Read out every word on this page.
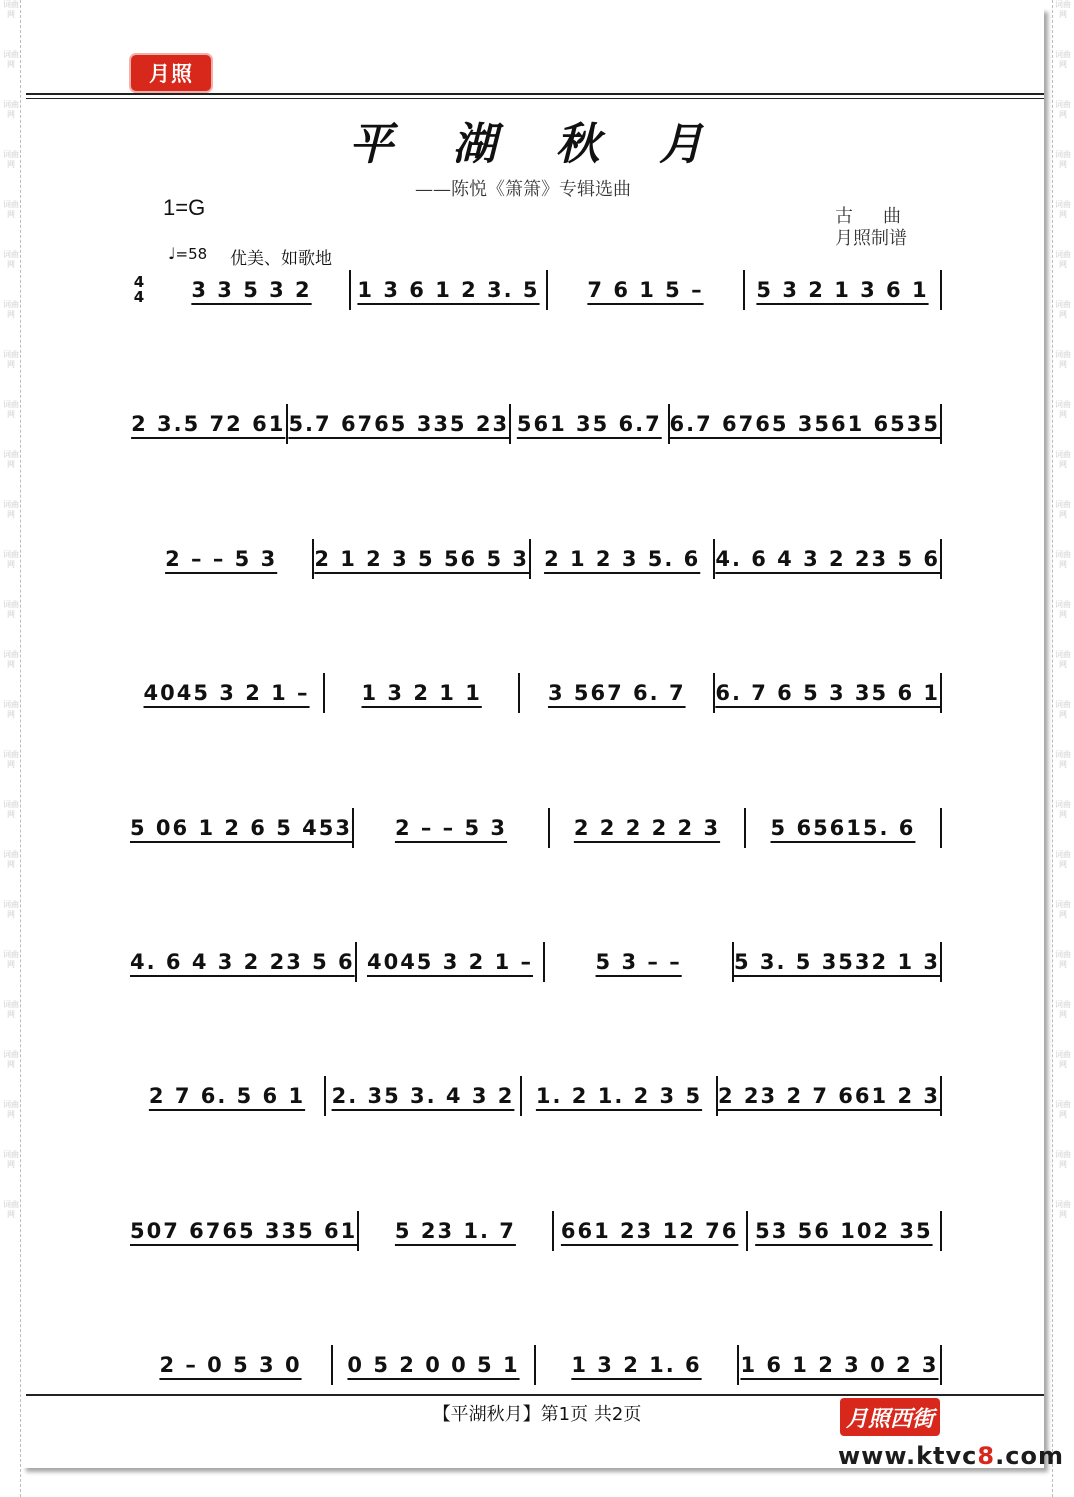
词曲网
词曲网
词曲网
词曲网
词曲网
词曲网
词曲网
词曲网
词曲网
词曲网
词曲网
词曲网
词曲网
词曲网
词曲网
词曲网
词曲网
词曲网
词曲网
词曲网
词曲网
词曲网
词曲网
词曲网
词曲网
词曲网
词曲网
词曲网
词曲网
词曲网
词曲网
词曲网
词曲网
词曲网
词曲网
词曲网
词曲网
词曲网
词曲网
词曲网
词曲网
词曲网
词曲网
词曲网
词曲网
词曲网
词曲网
词曲网
词曲网
词曲网
月照
平 湖 秋 月
——陈悦《箫箫》专辑选曲
1=G	古曲
月照制谱
♩=58 优美、如歌地
4
4	3 3 5 3 2	1 3 6 1 2 3. 5	7 6 1 5 –	5 3 2 1 3 6 1
2 3.5 72 61 5.7 6765 335 23 561 35 6.7 6.7 6765 3561 6535
2 – – 5 3	2 1 2 3 5 56 5 3 2 1 2 3 5. 6 4. 6 4 3 2 23 5 6
4045 3 2 1 –	1 3 2 1 1	3 567 6. 7	6. 7 6 5 3 35 6 1
5 06 1 2 6 5 453	2 – – 5 3	2 2 2 2 2 3	5 65615. 6
4. 6 4 3 2 23 5 6 4045 3 2 1 –	5 3 – –	5 3. 5 3532 1 3
2 7 6. 5 6 1	2. 35 3. 4 3 2	1. 2 1. 2 3 5 2 23 2 7 661 2 3
507 6765 335 61	5 23 1. 7	661 23 12 76 53 56 102 35
2 – 0 5 3 0	0 5 2 0 0 5 1	1 3 2 1. 6	1 6 1 2 3 0 2 3
【平湖秋月】第1页 共2页	月照西街
www.ktvc8.com
